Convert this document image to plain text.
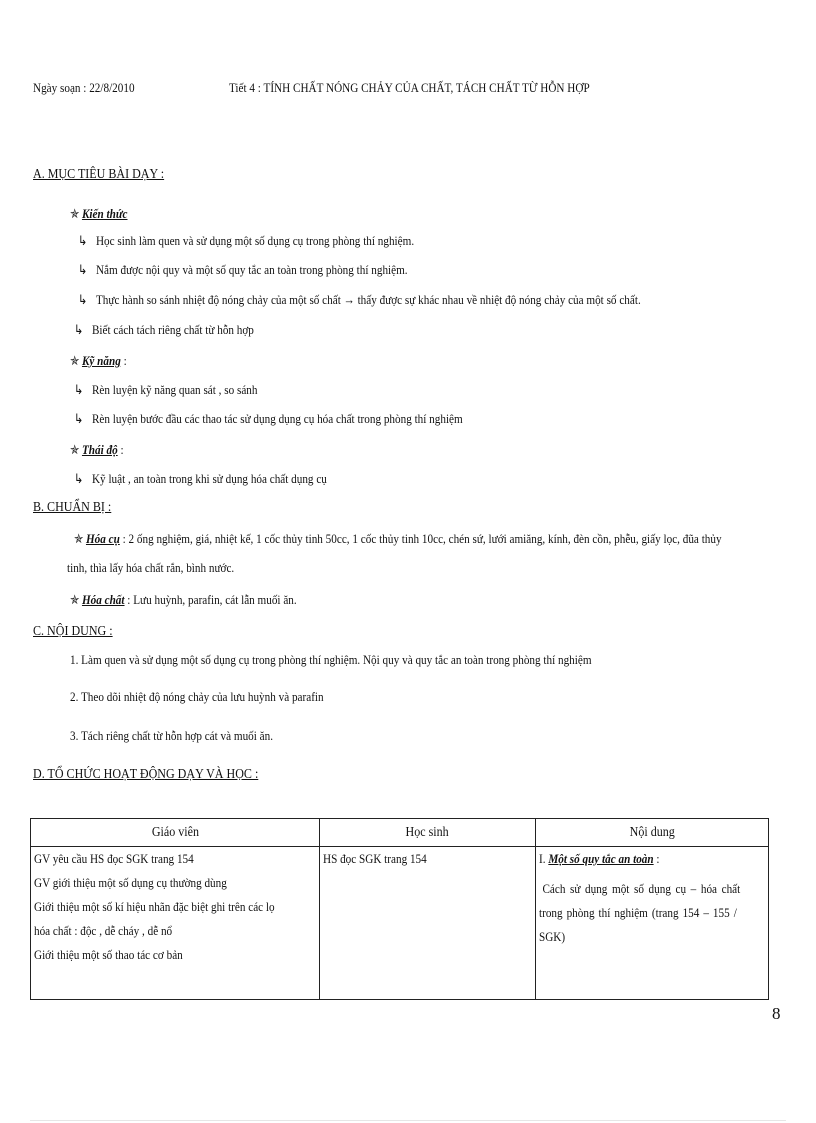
Ngày soạn : 22/8/2010	Tiết 4 : TÍNH CHẤT NÓNG CHẢY CỦA CHẤT, TÁCH CHẤT TỪ HỖN HỢP
A. MỤC TIÊU BÀI DẠY :
✯ Kiến thức
↳ Học sinh làm quen và sử dụng một số dụng cụ trong phòng thí nghiệm.
↳ Nắm được nội quy và một số quy tắc an toàn trong phòng thí nghiệm.
↳ Thực hành so sánh nhiệt độ nóng chảy của một số chất → thấy được sự khác nhau về nhiệt độ nóng chảy của một số chất.
↳ Biết cách tách riêng chất từ hỗn hợp
✯ Kỹ năng :
↳ Rèn luyện kỹ năng quan sát , so sánh
↳ Rèn luyện bước đầu các thao tác sử dụng dụng cụ hóa chất trong phòng thí nghiệm
✯ Thái độ :
↳ Kỹ luật , an toàn trong khi sử dụng hóa chất dụng cụ
B. CHUẨN BỊ :
✯ Hóa cụ : 2 ống nghiệm, giá, nhiệt kế, 1 cốc thủy tinh 50cc, 1 cốc thủy tinh 10cc, chén sứ, lưới amiăng, kính, đèn cồn, phễu, giấy lọc, đũa thủy
tinh, thìa lấy hóa chất rắn, bình nước.
✯ Hóa chất : Lưu huỳnh, parafin, cát lẫn muối ăn.
C. NỘI DUNG :
1. Làm quen và sử dụng một số dụng cụ trong phòng thí nghiệm. Nội quy và quy tắc an toàn trong phòng thí nghiệm
2. Theo dõi nhiệt độ nóng chảy của lưu huỳnh và parafin
3. Tách riêng chất từ hỗn hợp cát và muối ăn.
D. TỔ CHỨC HOẠT ĐỘNG DẠY VÀ HỌC :
Giáo viên	Học sinh	Nội dung

GV yêu cầu HS đọc SGK trang 154
GV giới thiệu một số dụng cụ thường dùng
Giới thiệu một số kí hiệu nhãn đặc biệt ghi trên các lọ
hóa chất : độc , dễ cháy , dễ nổ
Giới thiệu một số thao tác cơ bản	HS đọc SGK trang 154	I. Một số quy tắc an toàn :
Cách sử dụng một số dụng cụ – hóa chất
trong phòng thí nghiệm (trang 154 – 155 /
SGK)
8
